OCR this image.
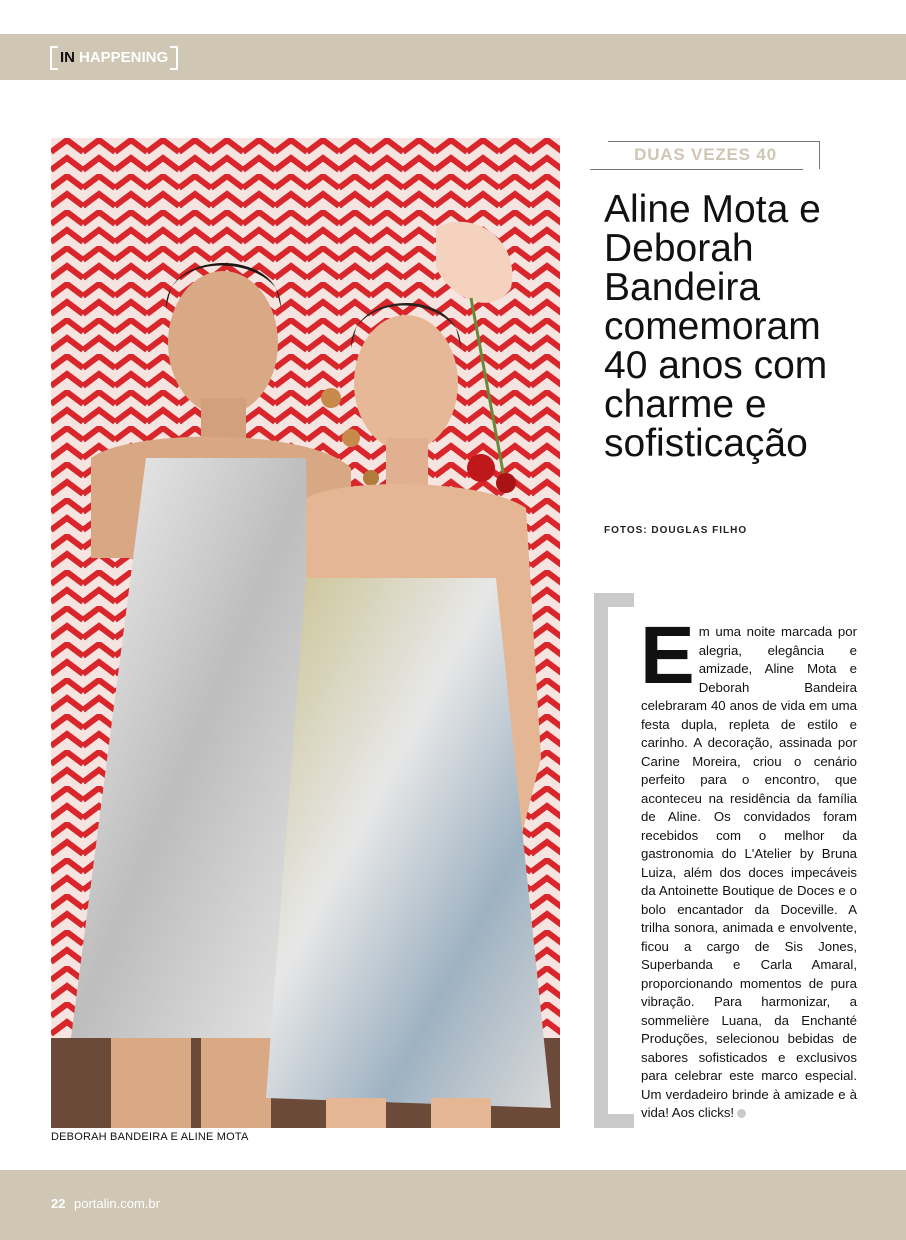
IN HAPPENING
DEBORAH BANDEIRA E ALINE MOTA
DUAS VEZES 40
Aline Mota e Deborah Bandeira comemoram 40 anos com charme e sofisticação
FOTOS: DOUGLAS FILHO

Em uma noite marcada por alegria, elegância e amizade, Aline Mota e Deborah Bandeira celebraram 40 anos de vida em uma festa dupla, repleta de estilo e carinho. A decoração, assinada por Carine Moreira, criou o cenário perfeito para o encontro, que aconteceu na residência da família de Aline. Os convidados foram recebidos com o melhor da gastronomia do L'Atelier by Bruna Luiza, além dos doces impecáveis da Antoinette Boutique de Doces e o bolo encantador da Doceville. A trilha sonora, animada e envolvente, ficou a cargo de Sis Jones, Superbanda e Carla Amaral, proporcionando momentos de pura vibração. Para harmonizar, a sommelière Luana, da Enchanté Produções, selecionou bebidas de sabores sofisticados e exclusivos para celebrar este marco especial. Um verdadeiro brinde à amizade e à vida! Aos clicks!

22 portalin.com.br
